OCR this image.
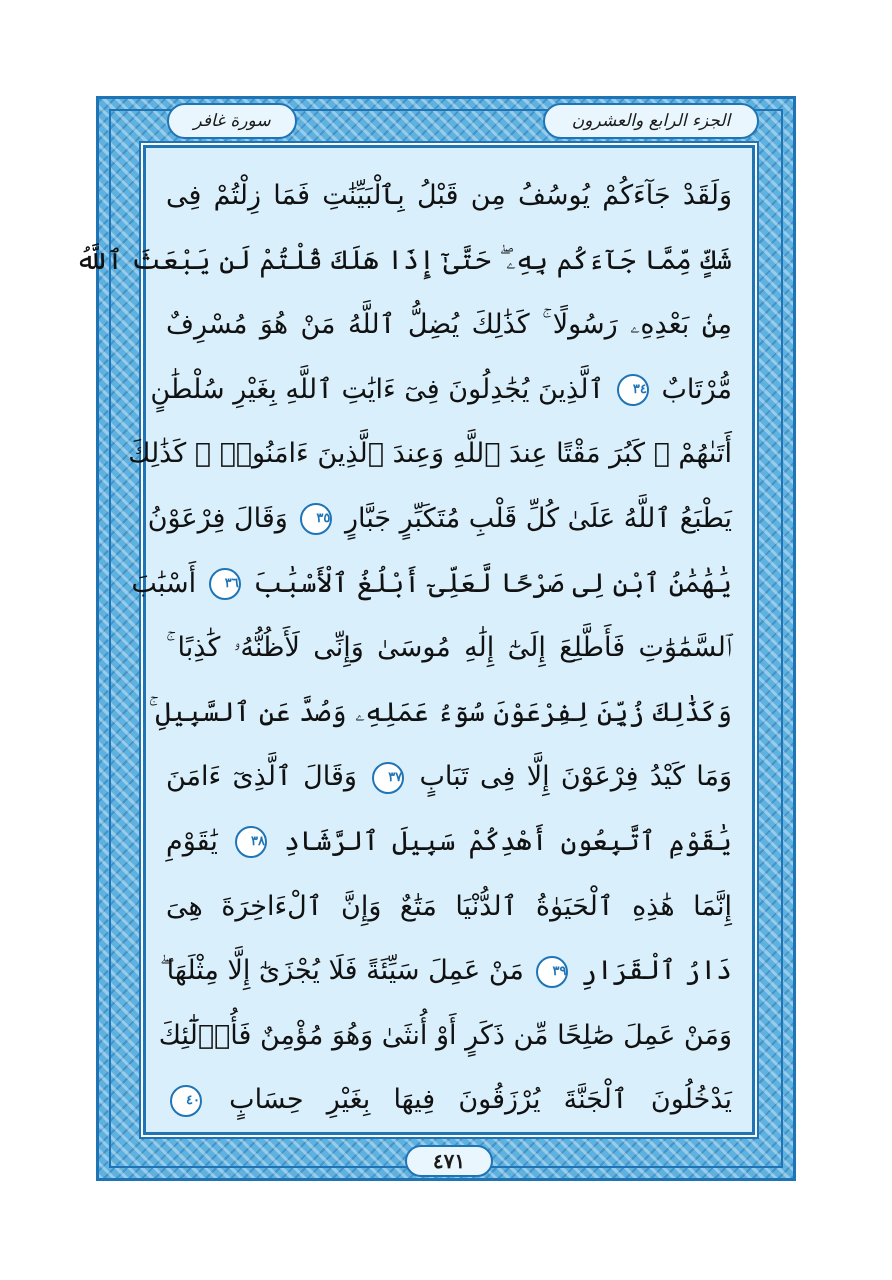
الجزء الرابع والعشرون
سورة غافر
وَلَقَدْ جَآءَكُمْ يُوسُفُ مِن قَبْلُ بِٱلْبَيِّنَٰتِ فَمَا زِلْتُمْ فِى
شَكٍّ مِّمَّا جَآءَكُم بِهِۦ ۖ حَتَّىٰٓ إِذَا هَلَكَ قُلْتُمْ لَن يَبْعَثَ ٱللَّهُ
مِنۢ بَعْدِهِۦ رَسُولًا ۚ كَذَٰلِكَ يُضِلُّ ٱللَّهُ مَنْ هُوَ مُسْرِفٌ
مُّرْتَابٌ ٣٤ ٱلَّذِينَ يُجَٰدِلُونَ فِىٓ ءَايَٰتِ ٱللَّهِ بِغَيْرِ سُلْطَٰنٍ
أَتَىٰهُمْ ۖ كَبُرَ مَقْتًا عِندَ ٱللَّهِ وَعِندَ ٱلَّذِينَ ءَامَنُوا۟ ۚ كَذَٰلِكَ
يَطْبَعُ ٱللَّهُ عَلَىٰ كُلِّ قَلْبِ مُتَكَبِّرٍ جَبَّارٍ ٣٥ وَقَالَ فِرْعَوْنُ
يَٰهَٰمَٰنُ ٱبْنِ لِى صَرْحًا لَّعَلِّىٓ أَبْلُغُ ٱلْأَسْبَٰبَ ٣٦ أَسْبَٰبَ
ٱلسَّمَٰوَٰتِ فَأَطَّلِعَ إِلَىٰٓ إِلَٰهِ مُوسَىٰ وَإِنِّى لَأَظُنُّهُۥ كَٰذِبًا ۚ
وَكَذَٰلِكَ زُيِّنَ لِفِرْعَوْنَ سُوٓءُ عَمَلِهِۦ وَصُدَّ عَنِ ٱلسَّبِيلِ ۚ
وَمَا كَيْدُ فِرْعَوْنَ إِلَّا فِى تَبَابٍ ٣٧ وَقَالَ ٱلَّذِىٓ ءَامَنَ
يَٰقَوْمِ ٱتَّبِعُونِ أَهْدِكُمْ سَبِيلَ ٱلرَّشَادِ ٣٨ يَٰقَوْمِ
إِنَّمَا هَٰذِهِ ٱلْحَيَوٰةُ ٱلدُّنْيَا مَتَٰعٌ وَإِنَّ ٱلْءَاخِرَةَ هِىَ
دَارُ ٱلْقَرَارِ ٣٩ مَنْ عَمِلَ سَيِّئَةً فَلَا يُجْزَىٰٓ إِلَّا مِثْلَهَا ۖ
وَمَنْ عَمِلَ صَٰلِحًا مِّن ذَكَرٍ أَوْ أُنثَىٰ وَهُوَ مُؤْمِنٌ فَأُو۟لَٰٓئِكَ
يَدْخُلُونَ ٱلْجَنَّةَ يُرْزَقُونَ فِيهَا بِغَيْرِ حِسَابٍ ٤٠
٤٧١
